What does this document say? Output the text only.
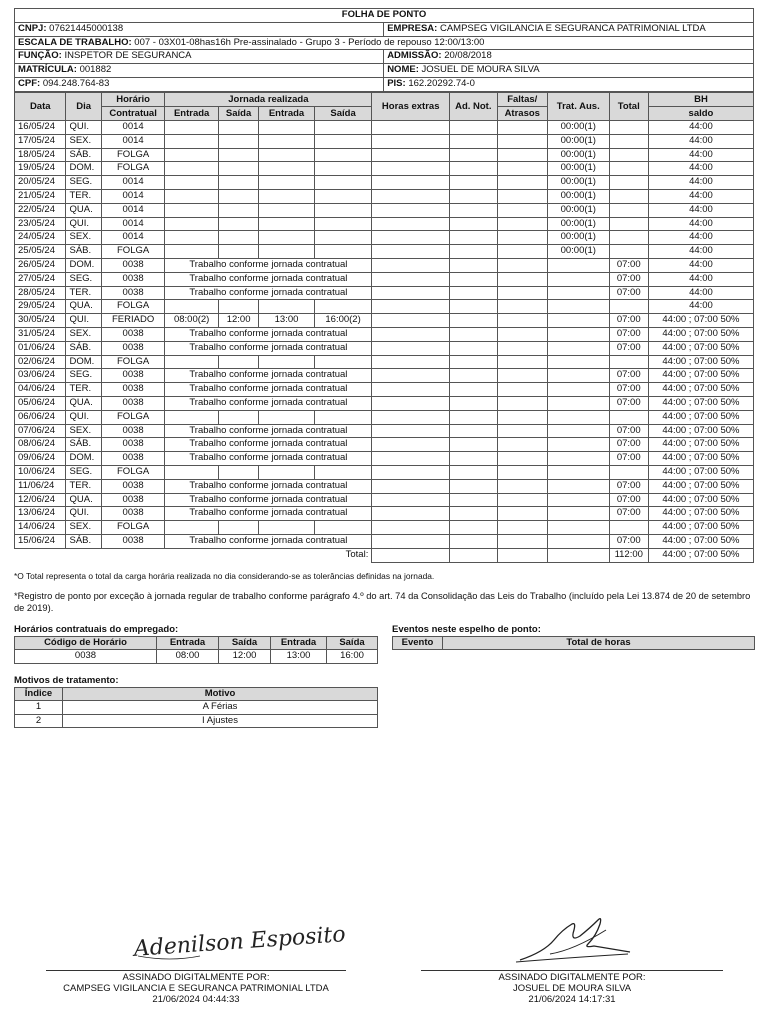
FOLHA DE PONTO	
CNPJ: 07621445000138	EMPRESA: CAMPSEG VIGILANCIA E SEGURANCA PATRIMONIAL LTDA
ESCALA DE TRABALHO: 007 - 03X01-08has16h Pre-assinalado - Grupo 3 - Período de repouso 12:00/13:00	
FUNÇÃO: INSPETOR DE SEGURANCA	ADMISSÃO: 20/08/2018
MATRÍCULA: 001882	NOME: JOSUEL DE MOURA SILVA
CPF: 094.248.764-83	PIS: 162.20292.74-0
Data	Dia	Horário	Jornada realizada				Horas extras	Ad. Not.	Faltas/	Trat. Aus.	Total	BH
		Contratual	Entrada	Saída	Entrada	Saída			Atrasos			saldo
16/05/24	QUI.	0014								00:00(1)		44:00
17/05/24	SEX.	0014								00:00(1)		44:00
18/05/24	SÁB.	FOLGA								00:00(1)		44:00
19/05/24	DOM.	FOLGA								00:00(1)		44:00
20/05/24	SEG.	0014								00:00(1)		44:00
21/05/24	TER.	0014								00:00(1)		44:00
22/05/24	QUA.	0014								00:00(1)		44:00
23/05/24	QUI.	0014								00:00(1)		44:00
24/05/24	SEX.	0014								00:00(1)		44:00
25/05/24	SÁB.	FOLGA								00:00(1)		44:00
26/05/24	DOM.	0038	Trabalho conforme jornada contratual								07:00	44:00
27/05/24	SEG.	0038	Trabalho conforme jornada contratual								07:00	44:00
28/05/24	TER.	0038	Trabalho conforme jornada contratual								07:00	44:00
29/05/24	QUA.	FOLGA										44:00
30/05/24	QUI.	FERIADO	08:00(2)	12:00	13:00	16:00(2)					07:00	44:00 ; 07:00 50%
31/05/24	SEX.	0038	Trabalho conforme jornada contratual								07:00	44:00 ; 07:00 50%
01/06/24	SÁB.	0038	Trabalho conforme jornada contratual								07:00	44:00 ; 07:00 50%
02/06/24	DOM.	FOLGA										44:00 ; 07:00 50%
03/06/24	SEG.	0038	Trabalho conforme jornada contratual								07:00	44:00 ; 07:00 50%
04/06/24	TER.	0038	Trabalho conforme jornada contratual								07:00	44:00 ; 07:00 50%
05/06/24	QUA.	0038	Trabalho conforme jornada contratual								07:00	44:00 ; 07:00 50%
06/06/24	QUI.	FOLGA										44:00 ; 07:00 50%
07/06/24	SEX.	0038	Trabalho conforme jornada contratual								07:00	44:00 ; 07:00 50%
08/06/24	SÁB.	0038	Trabalho conforme jornada contratual								07:00	44:00 ; 07:00 50%
09/06/24	DOM.	0038	Trabalho conforme jornada contratual								07:00	44:00 ; 07:00 50%
10/06/24	SEG.	FOLGA										44:00 ; 07:00 50%
11/06/24	TER.	0038	Trabalho conforme jornada contratual								07:00	44:00 ; 07:00 50%
12/06/24	QUA.	0038	Trabalho conforme jornada contratual								07:00	44:00 ; 07:00 50%
13/06/24	QUI.	0038	Trabalho conforme jornada contratual								07:00	44:00 ; 07:00 50%
14/06/24	SEX.	FOLGA										44:00 ; 07:00 50%
15/06/24	SÁB.	0038	Trabalho conforme jornada contratual								07:00	44:00 ; 07:00 50%
Total:											112:00	44:00 ; 07:00 50%
*O Total representa o total da carga horária realizada no dia considerando-se as tolerâncias definidas na jornada.
*Registro de ponto por exceção à jornada regular de trabalho conforme parágrafo 4.º do art. 74 da Consolidação das Leis do Trabalho (incluído pela Lei 13.874 de 20 de setembro de 2019).
Horários contratuais do empregado:
Código de Horário	Entrada	Saída	Entrada	Saída
0038	08:00	12:00	13:00	16:00
Eventos neste espelho de ponto:
Evento	Total de horas
Motivos de tratamento:
Índice	Motivo
1	A Férias
2	I Ajustes
Adenilson Esposito
ASSINADO DIGITALMENTE POR:
CAMPSEG VIGILANCIA E SEGURANCA PATRIMONIAL LTDA
21/06/2024 04:44:33
ASSINADO DIGITALMENTE POR:
JOSUEL DE MOURA SILVA
21/06/2024 14:17:31
